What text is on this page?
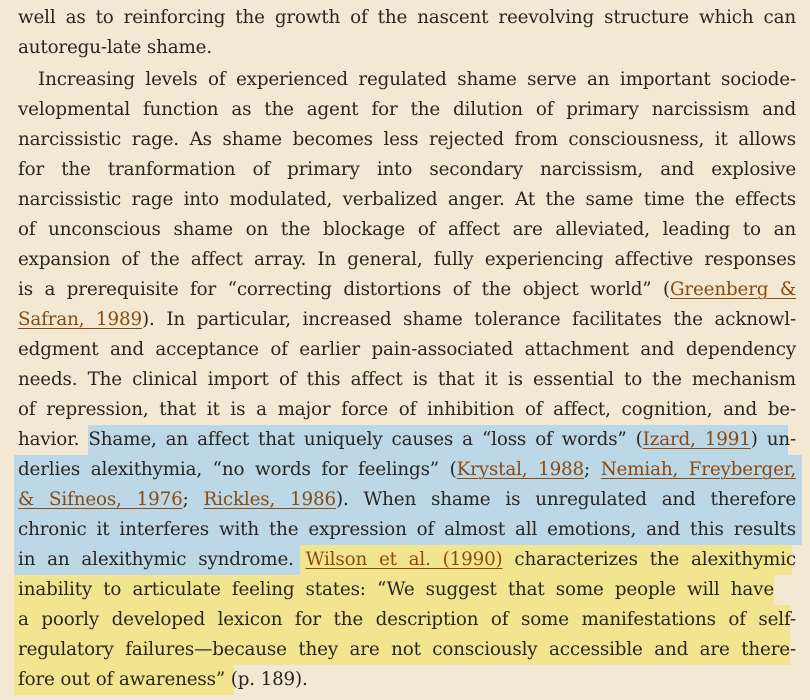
well as to reinforcing the growth of the nascent reevolving structure which can
autoregu-late shame.
Increasing levels of experienced regulated shame serve an important sociode-
velopmental function as the agent for the dilution of primary narcissism and
narcissistic rage. As shame becomes less rejected from consciousness, it allows
for the tranformation of primary into secondary narcissism, and explosive
narcissistic rage into modulated, verbalized anger. At the same time the effects
of unconscious shame on the blockage of affect are alleviated, leading to an
expansion of the affect array. In general, fully experiencing affective responses
is a prerequisite for “correcting distortions of the object world” (Greenberg &
Safran, 1989). In particular, increased shame tolerance facilitates the acknowl-
edgment and acceptance of earlier pain-associated attachment and dependency
needs. The clinical import of this affect is that it is essential to the mechanism
of repression, that it is a major force of inhibition of affect, cognition, and be-
havior. Shame, an affect that uniquely causes a “loss of words” (Izard, 1991) un-
derlies alexithymia, “no words for feelings” (Krystal, 1988; Nemiah, Freyberger,
& Sifneos, 1976; Rickles, 1986). When shame is unregulated and therefore
chronic it interferes with the expression of almost all emotions, and this results
in an alexithymic syndrome. Wilson et al. (1990) characterizes the alexithymic
inability to articulate feeling states: “We suggest that some people will have
a poorly developed lexicon for the description of some manifestations of self-
regulatory failures—because they are not consciously accessible and are there-
fore out of awareness” (p. 189).
